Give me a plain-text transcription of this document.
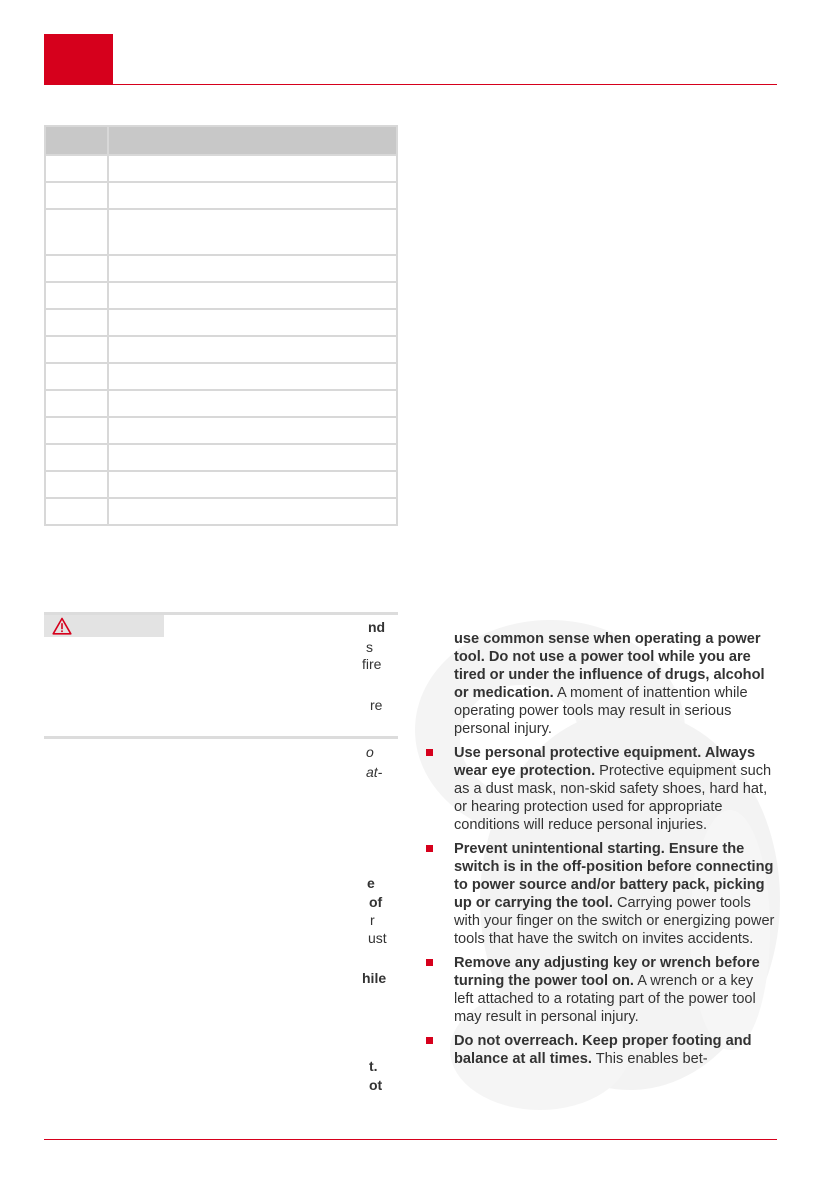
nd
s
fire
re
o
at-
e
of
r
ust
hile
t.
ot

use common sense when operating a power tool. Do not use a power tool while you are tired or under the influence of drugs, alcohol or medication. A moment of inattention while operating power tools may result in serious personal injury.

Use personal protective equipment. Always wear eye protection. Protective equipment such as a dust mask, non-skid safety shoes, hard hat, or hearing protection used for appropriate conditions will reduce personal injuries.
Prevent unintentional starting. Ensure the switch is in the off-position before connecting to power source and/or battery pack, picking up or carrying the tool. Carrying power tools with your finger on the switch or energizing power tools that have the switch on invites accidents.
Remove any adjusting key or wrench before turning the power tool on. A wrench or a key left attached to a rotating part of the power tool may result in personal injury.
Do not overreach. Keep proper footing and balance at all times. This enables bet-
